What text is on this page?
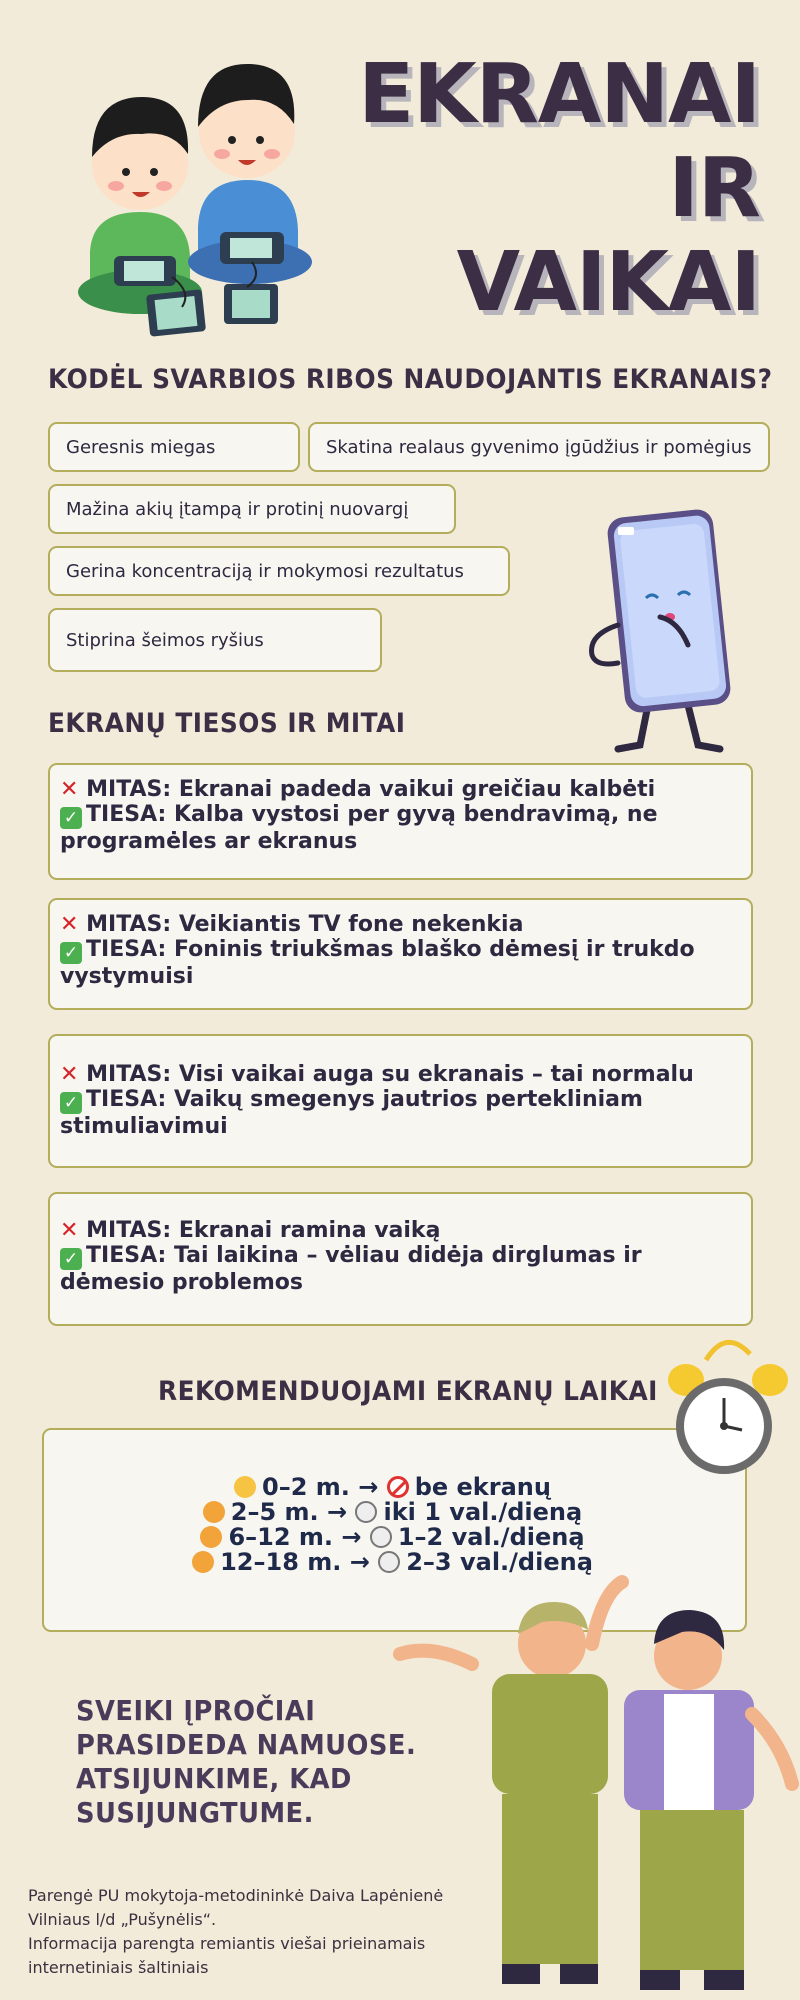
EKRANAI IR
VAIKAI
KODĖL SVARBIOS RIBOS NAUDOJANTIS EKRANAIS?
Geresnis miegas	Skatina realaus gyvenimo įgūdžius ir pomėgius
Mažina akių įtampą ir protinį nuovargį
Gerina koncentraciją ir mokymosi rezultatus
Stiprina šeimos ryšius
EKRANŲ TIESOS IR MITAI
✕ MITAS: Ekranai padeda vaikui greičiau kalbėti
✓ TIESA: Kalba vystosi per gyvą bendravimą, ne programėles ar ekranus
✕ MITAS: Veikiantis TV fone nekenkia
✓ TIESA: Foninis triukšmas blaško dėmesį ir trukdo vystymuisi
✕ MITAS: Visi vaikai auga su ekranais – tai normalu
✓ TIESA: Vaikų smegenys jautrios pertekliniam stimuliavimui
✕ MITAS: Ekranai ramina vaiką
✓ TIESA: Tai laikina – vėliau didėja dirglumas ir dėmesio problemos
REKOMENDUOJAMI EKRANŲ LAIKAI
0–2 m. → be ekranų
2–5 m. → iki 1 val./dieną
6–12 m. → 1–2 val./dieną
12–18 m. → 2–3 val./dieną
SVEIKI ĮPROČIAI
PRASIDEDA NAMUOSE.
ATSIJUNKIME, KAD
SUSIJUNGTUME.
Parengė PU mokytoja-metodininkė Daiva Lapėnienė
Vilniaus l/d „Pušynėlis“.
Informacija parengta remiantis viešai prieinamais
internetiniais šaltiniais
